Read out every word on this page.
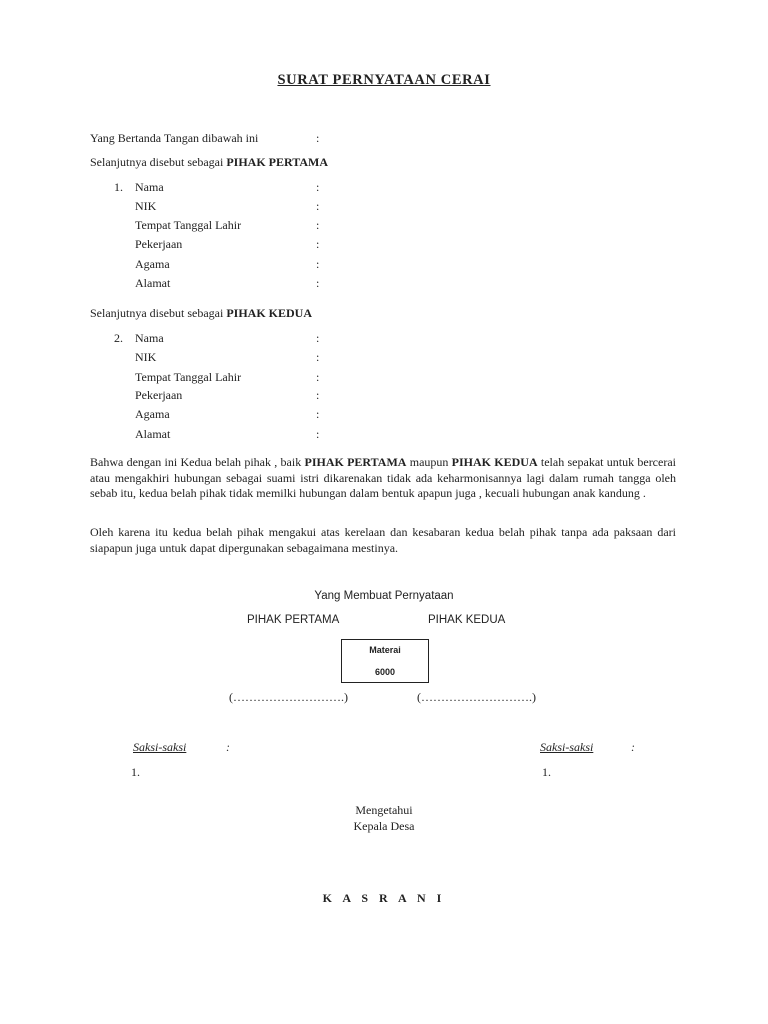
SURAT PERNYATAAN CERAI
Yang Bertanda Tangan dibawah ini	:
Selanjutnya disebut sebagai PIHAK PERTAMA
1. Nama	:
NIK	:
Tempat Tanggal Lahir	:
Pekerjaan	:
Agama	:
Alamat	:
Selanjutnya disebut sebagai PIHAK KEDUA
2. Nama	:
NIK	:
Tempat Tanggal Lahir	:
Pekerjaan	:
Agama	:
Alamat	:
Bahwa dengan ini Kedua belah pihak , baik PIHAK PERTAMA maupun PIHAK KEDUA telah sepakat untuk bercerai atau mengakhiri hubungan sebagai suami istri dikarenakan tidak ada keharmonisannya lagi dalam rumah tangga oleh sebab itu, kedua belah pihak tidak memilki hubungan dalam bentuk apapun juga , kecuali hubungan anak kandung .
Oleh karena itu kedua belah pihak mengakui atas kerelaan dan kesabaran kedua belah pihak tanpa ada paksaan dari siapapun juga untuk dapat dipergunakan sebagaimana mestinya.
Yang Membuat Pernyataan
PIHAK PERTAMA	PIHAK KEDUA
Materai
6000
(……………………….)	(……………………….)
Saksi-saksi	:	Saksi-saksi	:
1.	1.
Mengetahui
Kepala Desa
K A S R A N I
